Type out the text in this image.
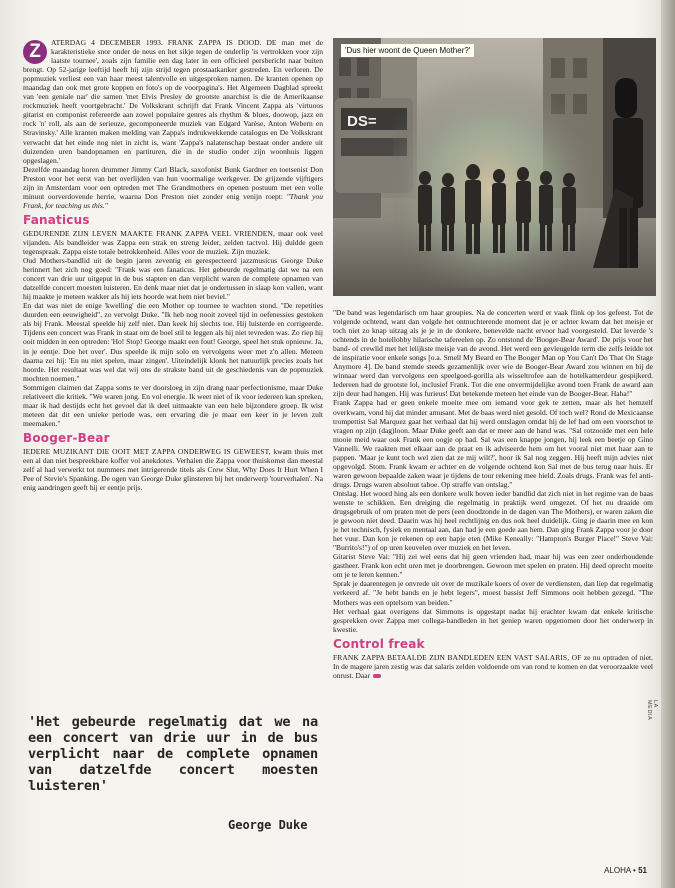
Z	ATERDAG 4 DECEMBER 1993. FRANK ZAPPA IS DOOD. DE man met de karakteristieke snor onder de neus en het sikje tegen de onderlip 'is vertrokken voor zijn laatste tournee', zoals zijn familie een dag later in een officieel persbericht naar buiten brengt. Op 52-jarige leeftijd heeft hij zijn strijd tegen prostaatkanker gestreden. En verloren. De popmuziek verliest een van haar meest talentvolle en uitgesproken namen. De kranten openen op maandag dan ook met grote koppen en foto's op de voorpagina's. Het Algemeen Dagblad spreekt van 'een geniale nar' die samen 'met Elvis Presley de grootste anarchist is die de Amerikaanse rockmuziek heeft voortgebracht.' De Volkskrant schrijft dat Frank Vincent Zappa als 'virtuoos gitarist en componist refereerde aan zowel populaire genres als rhythm & blues, doowop, jazz en rock 'n' roll, als aan de serieuze, gecomponeerde muziek van Edgard Varèse, Anton Webern en Stravinsky.' Alle kranten maken melding van Zappa's indrukwekkende catalogus en De Volkskrant verwacht dat het einde nog niet in zicht is, want 'Zappa's nalatenschap bestaat onder andere uit duizenden uren bandopnamen en partituren, die in de studio onder zijn woonhuis liggen opgeslagen.'

Dezelfde maandag horen drummer Jimmy Carl Black, saxofonist Bunk Gardner en toetsenist Don Preston voor het eerst van het overlijden van hun voormalige werkgever. De grijzende vijftigers zijn in Amsterdam voor een optreden met The Grandmothers en openen postuum met een volle minuut oorverdovende herrie, waarna Don Preston niet zonder enig venijn roept: "Thank you Frank, for teaching us this."

Fanaticus

GEDURENDE ZIJN LEVEN MAAKTE FRANK ZAPPA VEEL VRIENDEN, maar ook veel vijanden. Als bandleider was Zappa een strak en streng leider, zelden tactvol. Hij duldde geen tegenspraak. Zappa eiste totale betrokkenheid. Alles voor de muziek. Zijn muziek.

Oud Mothers-bandlid uit de begin jaren zeventig en gerespecteerd jazzmusicus George Duke herinnert het zich nog goed: "Frank was een fanaticus. Het gebeurde regelmatig dat we na een concert van drie uur uitgeput in de bus stapten en dan verplicht waren de complete opnamen van datzelfde concert moesten luisteren. En denk maar niet dat je ondertussen in slaap kon vallen, want hij maakte je meteen wakker als hij iets hoorde wat hem niet beviel."

En dat was niet de enige 'kwelling' die een Mother op tournee te wachten stond. "De repetities duurden een eeuwigheid", zo vervolgt Duke. "Ik heb nog nooit zoveel tijd in oefenessies gestoken als bij Frank. Meestal speelde hij zelf niet. Dan keek hij slechts toe. Hij luisterde en corrigeerde. Tijdens een concert was Frank in staat om de boel stil te leggen als hij niet tevreden was. Zo riep hij ooit midden in een optreden: 'Ho! Stop! George maakt een fout! George, speel het stuk opnieuw. Ja, in je eentje. Doe het over'. Dus speelde ik mijn solo en vervolgens weer met z'n allen. Meteen daarna zei hij: 'En nu niet spelen, maar zingen'. Uiteindelijk klonk het natuurlijk precies zoals het hoorde. Het resultaat was wel dat wij ons de strakste band uit de geschiedenis van de popmuziek mochten noemen."

Sommigen claimen dat Zappa soms te ver doorsloeg in zijn drang naar perfectionisme, maar Duke relativeert die kritiek. "We waren jong. En vol energie. Ik weet niet of ik voor iedereen kan spreken, maar ik had destijds echt het gevoel dat ik deel uitmaakte van een hele bijzondere groep. Ik wist meteen dat dit een unieke periode was, een ervaring die je maar een keer in je leven zult meemaken."

Booger-Bear

IEDERE MUZIKANT DIE OOIT MET ZAPPA ONDERWEG IS GEWEEST, kwam thuis met een al dan niet bespreekbare koffer vol anekdotes. Verhalen die Zappa voor thuiskomst dan meestal zelf al had verwerkt tot nummers met intrigerende titels als Crew Slut, Why Does It Hurt When I Pee of Stevie's Spanking. De ogen van George Duke glinsteren bij het onderwerp 'tourverhalen'. Na enig aandringen geeft hij er eentje prijs.

'Het gebeurde regelmatig dat we na een concert van drie uur in de bus verplicht naar de complete opnamen van datzelfde concert moesten luisteren'
George Duke
DS=
'Dus hier woont de Queen Mother?'

"De band was legendarisch om haar groupies. Na de concerten werd er vaak flink op los gefeest. Tot de volgende ochtend, want dan volgde het ontnuchterende moment dat je er achter kwam dat het meisje er toch niet zo knap uitzag als je je in de donkere, benevelde nacht ervoor had voorgesteld. Dat leverde 's ochtends in de hotellobby hilarische tafereelen op. Zo ontstond de 'Booger-Bear Award'. De prijs voor het band- of crewlid met het lelijkste meisje van de avond. Het werd een gevleugelde term die zelfs leidde tot de inspiratie voor enkele songs [o.a. Smell My Beard en The Booger Man op You Can't Do That On Stage Anymore 4]. De band stemde steeds gezamenlijk over wie de Booger-Bear Award zou winnen en bij de winnaar werd dan vervolgens een speelgoed-gorilla als wisseltrofee aan de hotelkamerdeur gespijkerd. Iedereen had de grootste lol, inclusief Frank. Tot die ene onvermijdelijke avond toen Frank de award aan zijn deur had hangen. Hij was furieus! Dat betekende meteen het einde van de Booger-Bear. Haha!"

Frank Zappa had er geen enkele moeite mee om iemand voor gek te zetten, maar als het hemzelf overkwam, vond hij dat minder amusant. Met de baas werd niet gesold. Of toch wel? Rond de Mexicaanse trompettist Sal Marquez gaat het verhaal dat hij werd ontslagen omdat hij de lef had om een voorschot te vragen op zijn (dag)loon. Maar Duke geeft aan dat er meer aan de hand was. "Sal rotzooide met een hele mooie meid waar ook Frank een oogje op had. Sal was een knappe jongen, hij leek een beetje op Gino Vannelli. We raakten met elkaar aan de praat en ik adviseerde hem om het vooral niet met haar aan te pappen. 'Maar je kunt toch wel zien dat ze mij wilt?', hoor ik Sal nog zeggen. Hij heeft mijn advies niet opgevolgd. Stom. Frank kwam er achter en de volgende ochtend kon Sal met de bus terug naar huis. Er waren gewoon bepaalde zaken waar je tijdens de tour rekening mee hield. Zoals drugs. Frank was fel anti-drugs. Drugs waren absoluut taboe. Op straffe van ontslag."

Ontslag. Het woord hing als een donkere wolk boven ieder bandlid dat zich niet in het regime van de baas wenste te schikken. Een dreiging die regelmatig in praktijk werd omgezet. Of het nu draaide om drugsgebruik of om praten met de pers (een doodzonde in de dagen van The Mothers), er waren zaken die je gewoon niet deed. Daarin was hij heel rechtlijnig en dus ook heel duidelijk. Ging je daarin mee en kon je het technisch, fysiek en mentaal aan, dan had je een goede aan hem. Dan ging Frank Zappa voor je door het vuur. Dan kon je rekenen op een hapje eten (Mike Keneally: "Hampton's Burger Place!" Steve Vai: "Burrito's!") of op uren keuvelen over muziek en het leven.

Gitarist Steve Vai: "Hij zei wel eens dat hij geen vrienden had, maar hij was een zeer onderhoudende gastheer. Frank kon echt uren met je doorbrengen. Gewoon met spelen en praten. Hij deed oprecht moeite om je te leren kennen."

Sprak je daarentegen je onvrede uit over de muzikale koers of over de verdiensten, dan liep dat regelmatig verkeerd af. "Je hebt bands en je hebt legers", moest bassist Jeff Simmons ooit hebben gezegd. "The Mothers was een optelsom van beiden."

Het verhaal gaat overigens dat Simmons is opgestapt nadat hij erachter kwam dat enkele kritische gesprekken over Zappa met collega-bandleden in het geniep waren opgenomen door het onderwerp in kwestie.

Control freak

FRANK ZAPPA BETAALDE ZIJN BANDLEDEN EEN VAST SALARIS, OF ze nu optraden of niet. In de magere jaren zestig was dat salaris zelden voldoende om van rond te komen en dat veroorzaakte veel onrust. Daar

LA MEDIA
ALOHA • 51
